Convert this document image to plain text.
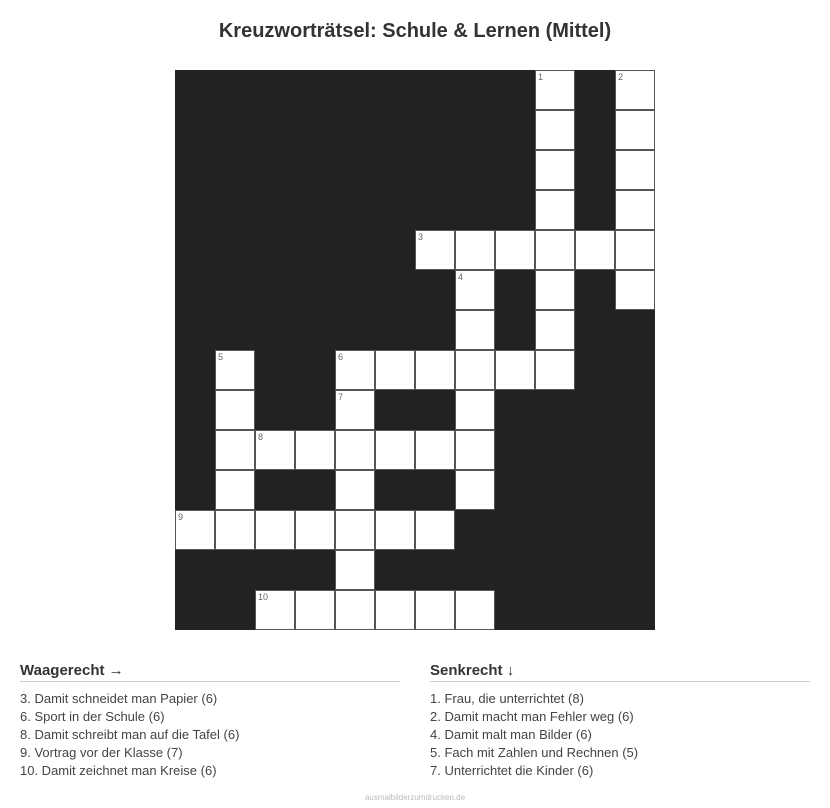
Kreuzworträtsel: Schule & Lernen (Mittel)
1	2
3
4
5	6
7
8
9
10
Waagerecht →
3. Damit schneidet man Papier (6)
6. Sport in der Schule (6)
8. Damit schreibt man auf die Tafel (6)
9. Vortrag vor der Klasse (7)
10. Damit zeichnet man Kreise (6)
Senkrecht ↓
1. Frau, die unterrichtet (8)
2. Damit macht man Fehler weg (6)
4. Damit malt man Bilder (6)
5. Fach mit Zahlen und Rechnen (5)
7. Unterrichtet die Kinder (6)
ausmalbilderzumdrucken.de
